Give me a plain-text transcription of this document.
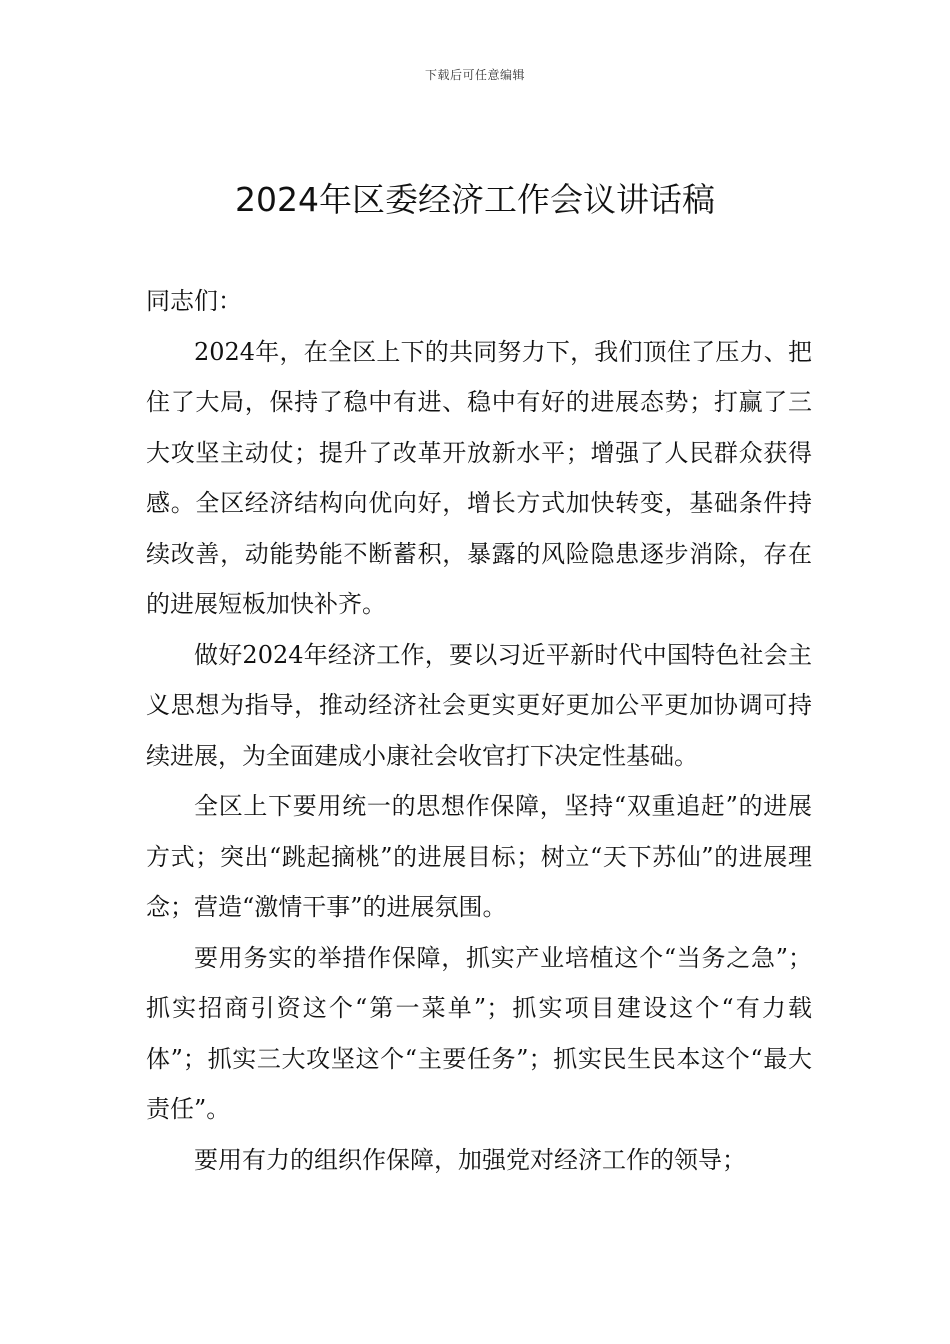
下载后可任意编辑
2024年区委经济工作会议讲话稿

同志们：

2024年，在全区上下的共同努力下，我们顶住了压力、把住了大局，保持了稳中有进、稳中有好的进展态势；打赢了三大攻坚主动仗；提升了改革开放新水平；增强了人民群众获得感。全区经济结构向优向好，增长方式加快转变，基础条件持续改善，动能势能不断蓄积，暴露的风险隐患逐步消除，存在的进展短板加快补齐。

做好2024年经济工作，要以习近平新时代中国特色社会主义思想为指导，推动经济社会更实更好更加公平更加协调可持续进展，为全面建成小康社会收官打下决定性基础。

全区上下要用统一的思想作保障，坚持“双重追赶”的进展方式；突出“跳起摘桃”的进展目标；树立“天下苏仙”的进展理念；营造“激情干事”的进展氛围。

要用务实的举措作保障，抓实产业培植这个“当务之急”；抓实招商引资这个“第一菜单”；抓实项目建设这个“有力载体”；抓实三大攻坚这个“主要任务”；抓实民生民本这个“最大责任”。

要用有力的组织作保障，加强党对经济工作的领导；
